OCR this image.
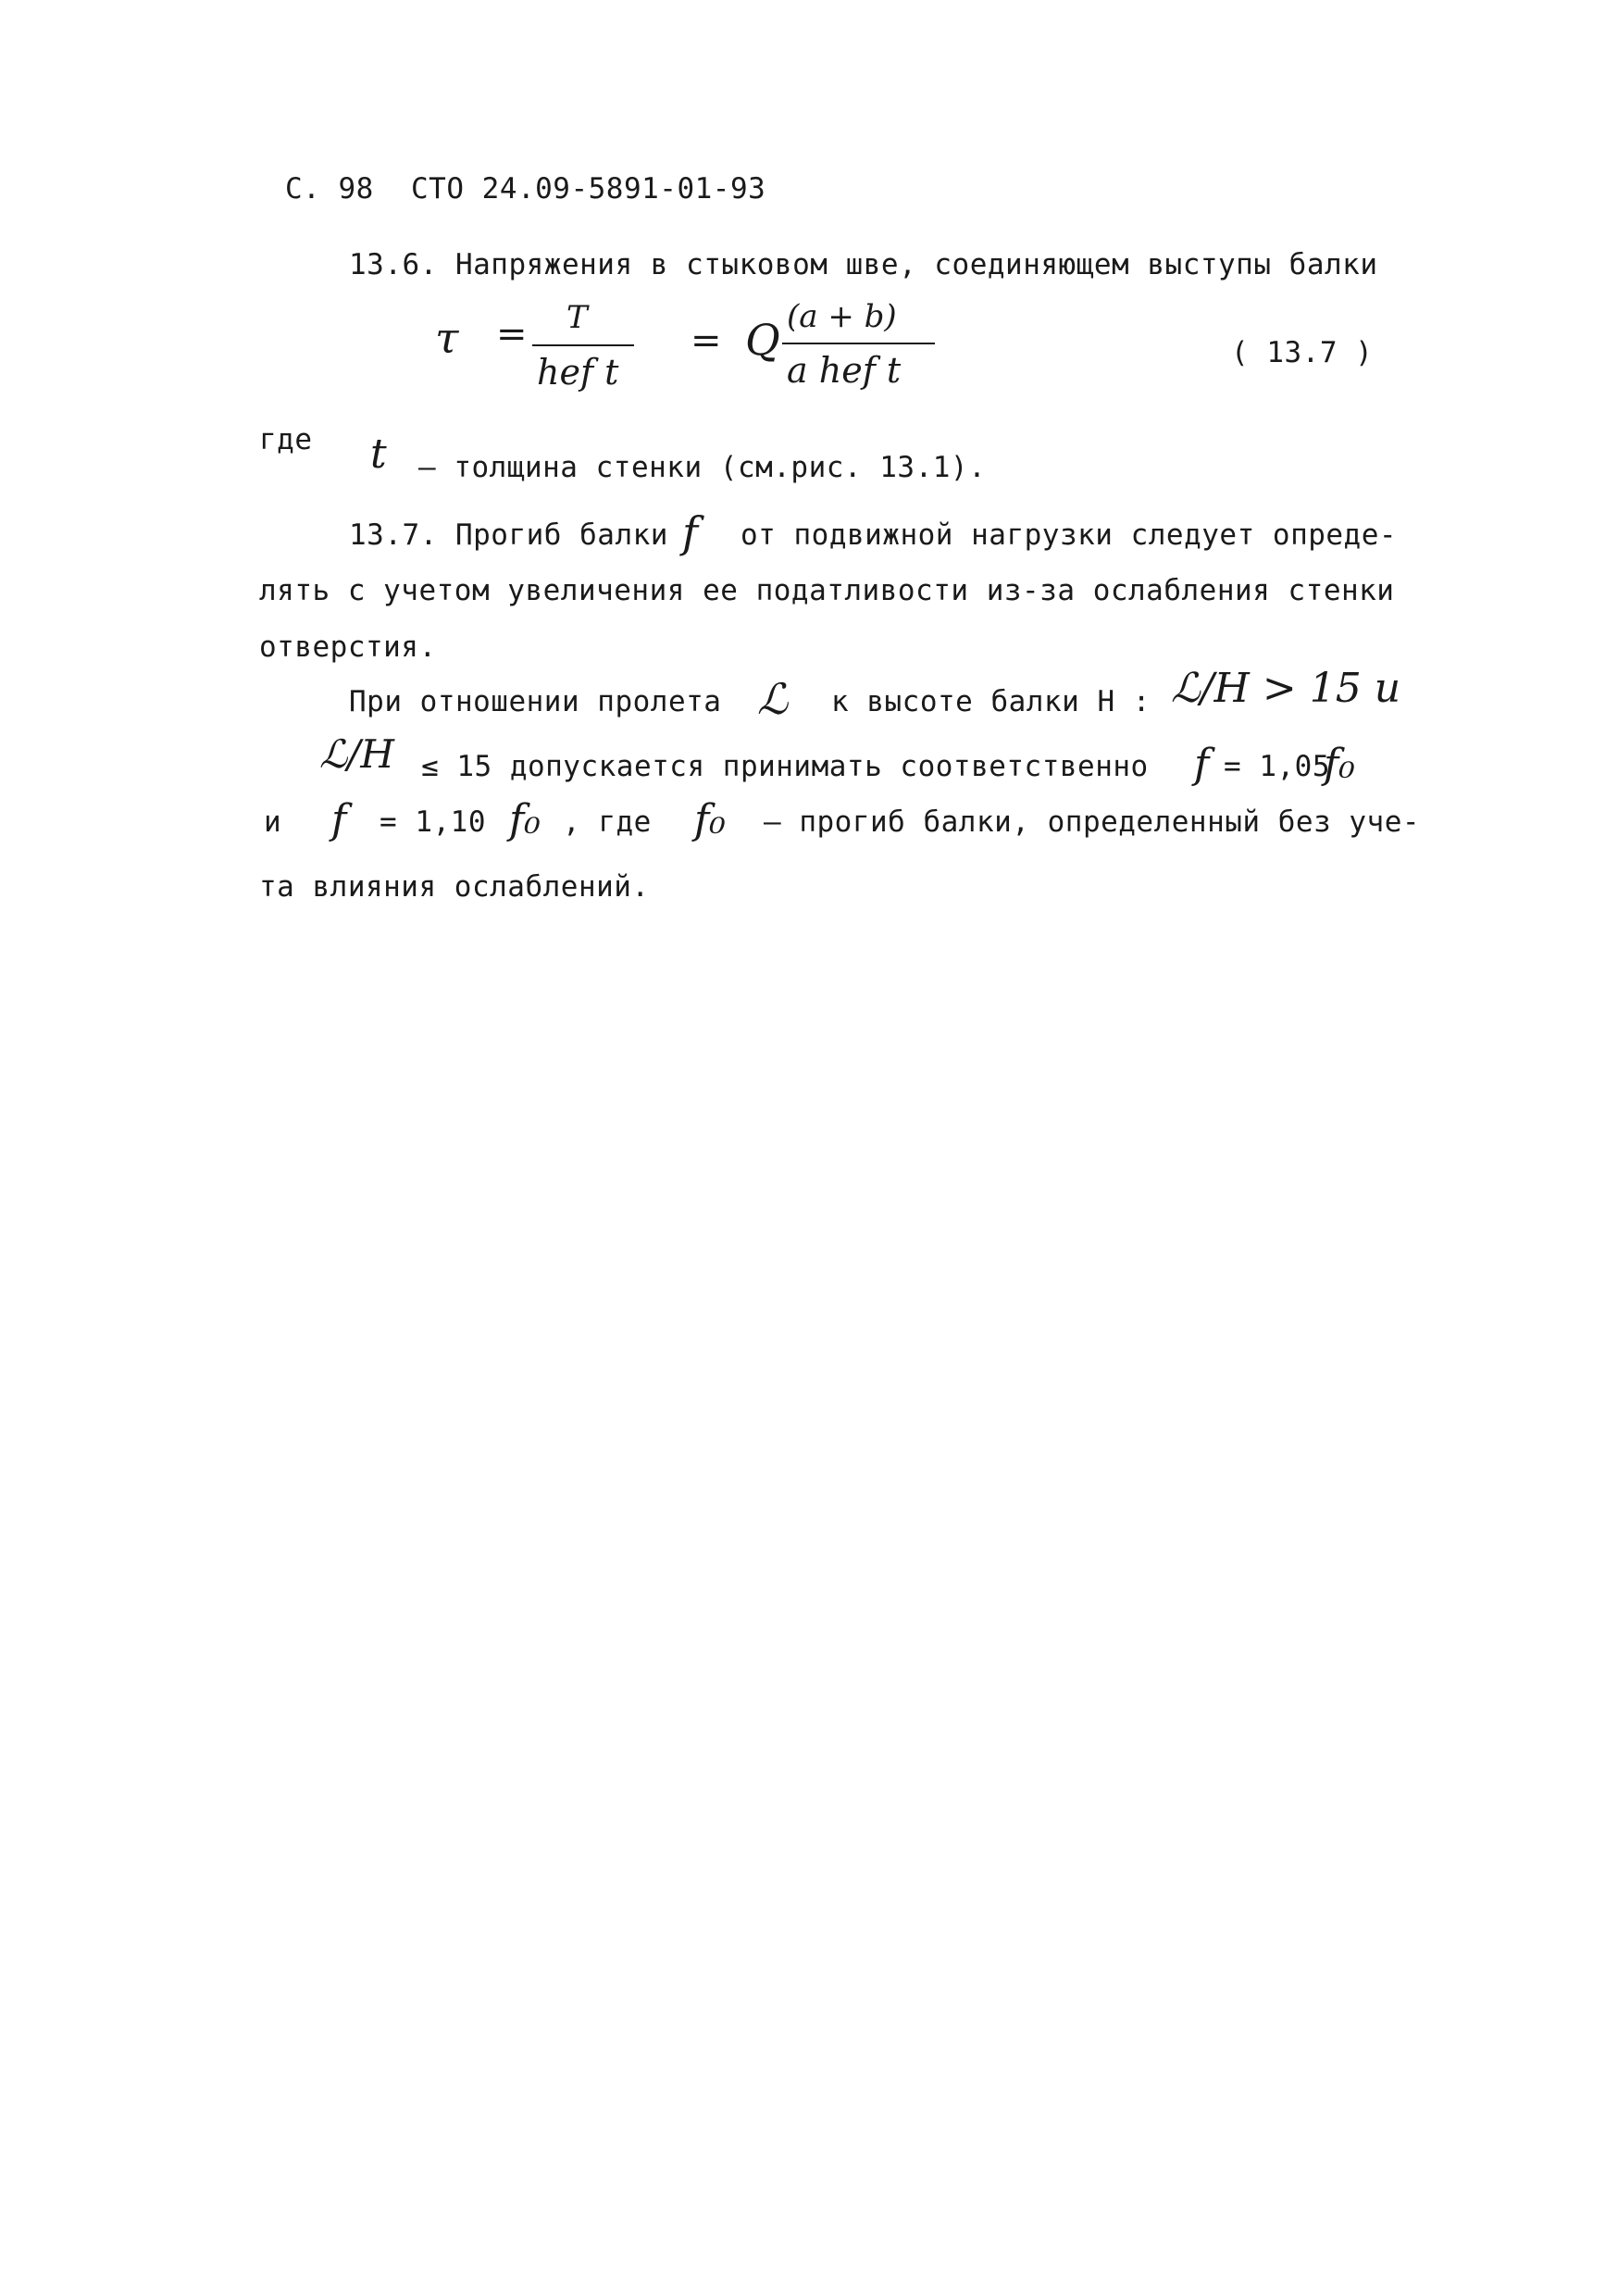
С. 98 СТО 24.09-5891-01-93
13.6. Напряжения в стыковом шве, соединяющем выступы балки
τ = T
hef t
= Q (a + b)
a hef t	( 13.7 )
где t – толщина стенки (см.рис. 13.1).
13.7. Прогиб балки f от подвижной нагрузки следует опреде-
лять с учетом увеличения ее податливости из-за ослабления стенки
отверстия.
При отношении пролета ℒ к высоте балки Н : ℒ/H > 15 и
ℒ/H ≤ 15 допускается принимать соответственно f = 1,05
f₀
и f = 1,10 f₀ , где f₀ – прогиб балки, определенный без уче-
та влияния ослаблений.
